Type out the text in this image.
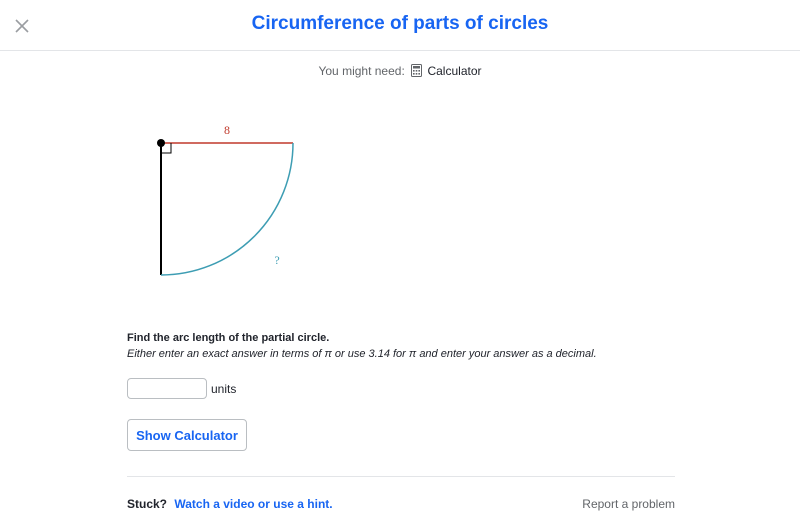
Circumference of parts of circles
You might need: Calculator
8
?
Find the arc length of the partial circle.
Either enter an exact answer in terms of π or use 3.14 for π and enter your answer as a decimal.
units
Show Calculator
Stuck? Watch a video or use a hint.	Report a problem
